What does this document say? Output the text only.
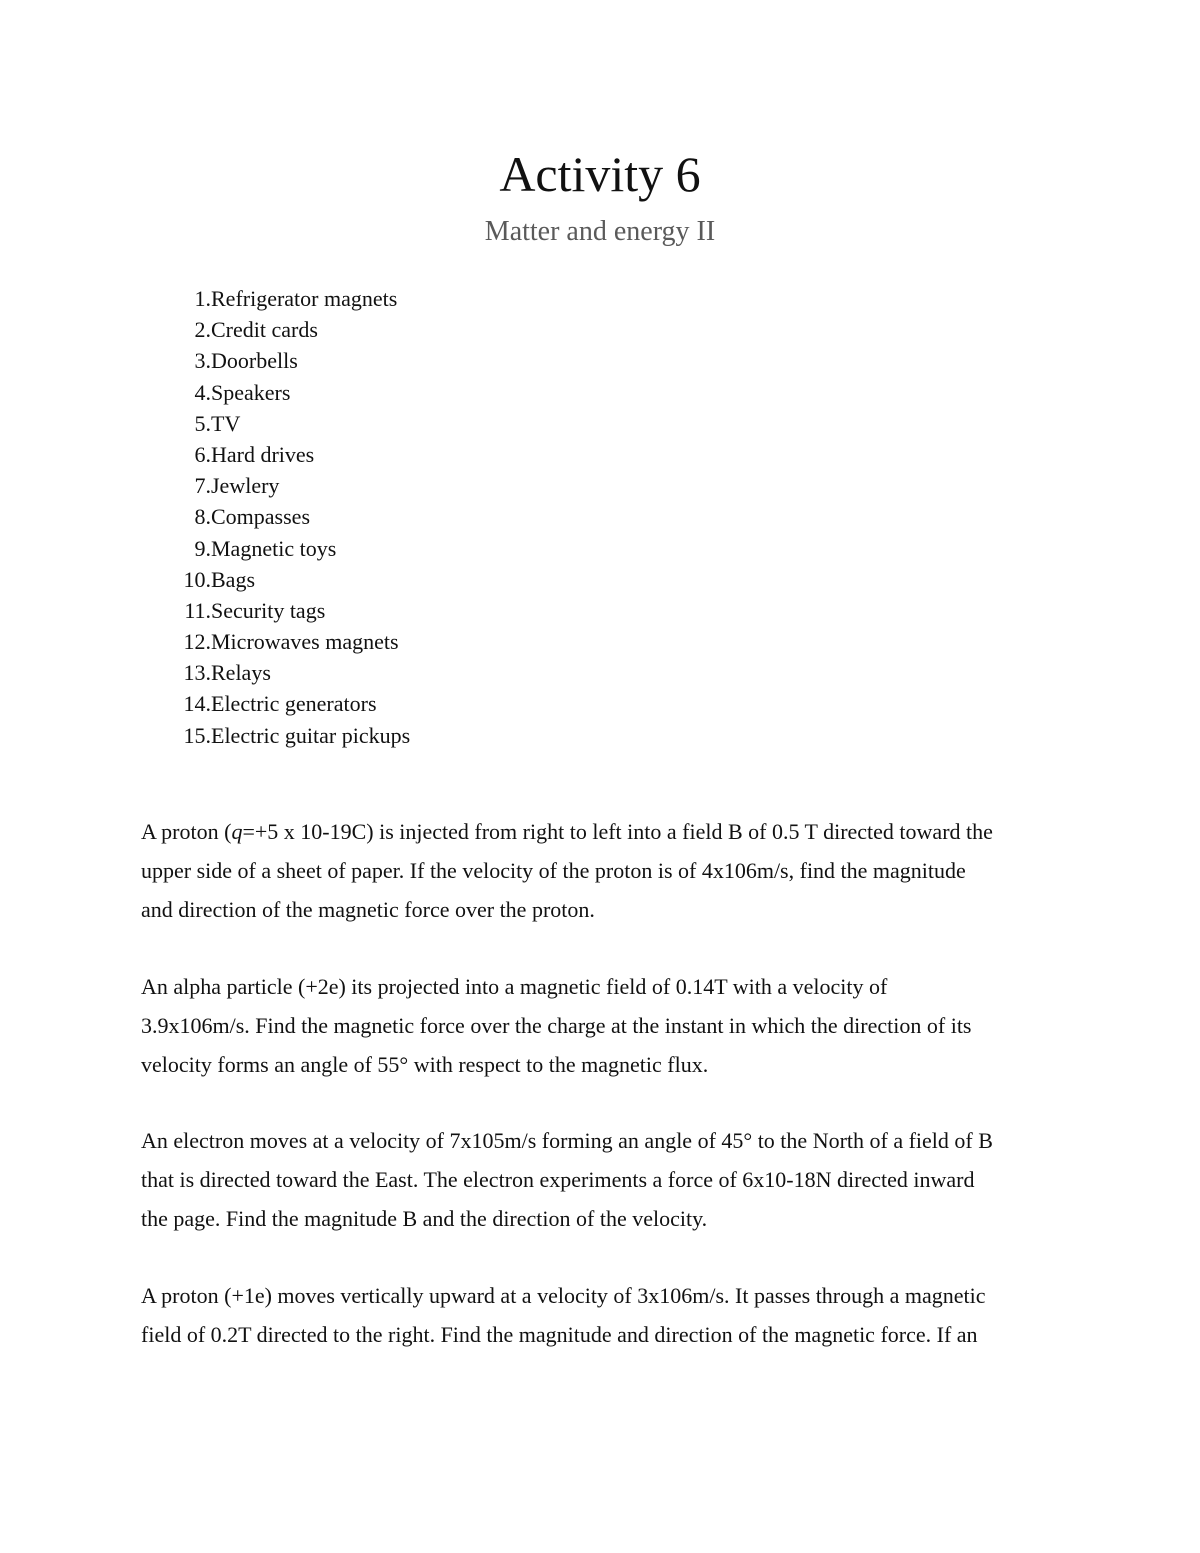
Activity 6
Matter and energy II
1.Refrigerator magnets
2.Credit cards
3.Doorbells
4.Speakers
5.TV
6.Hard drives
7.Jewlery
8.Compasses
9.Magnetic toys
10.Bags
11.Security tags
12.Microwaves magnets
13.Relays
14.Electric generators
15.Electric guitar pickups

A proton (q=+5 x 10-19C) is injected from right to left into a field B of 0.5 T directed toward the
upper side of a sheet of paper. If the velocity of the proton is of 4x106m/s, find the magnitude
and direction of the magnetic force over the proton.

An alpha particle (+2e) its projected into a magnetic field of 0.14T with a velocity of
3.9x106m/s. Find the magnetic force over the charge at the instant in which the direction of its
velocity forms an angle of 55° with respect to the magnetic flux.

An electron moves at a velocity of 7x105m/s forming an angle of 45° to the North of a field of B
that is directed toward the East. The electron experiments a force of 6x10-18N directed inward
the page. Find the magnitude B and the direction of the velocity.

A proton (+1e) moves vertically upward at a velocity of 3x106m/s. It passes through a magnetic
field of 0.2T directed to the right. Find the magnitude and direction of the magnetic force. If an
